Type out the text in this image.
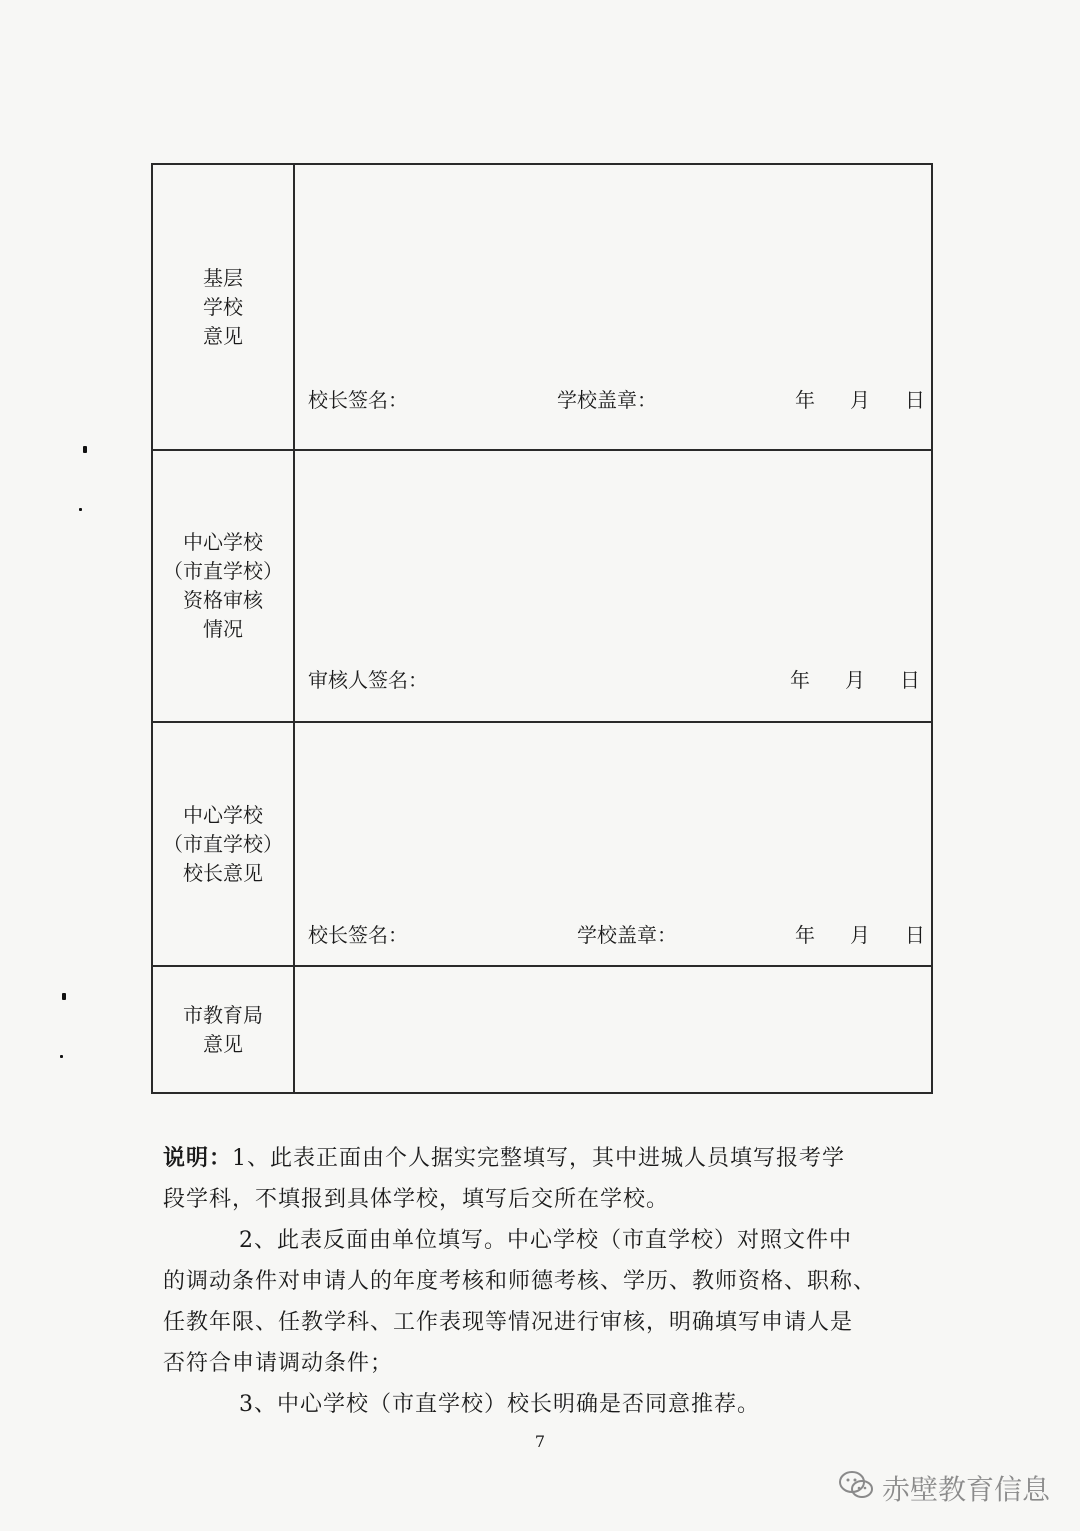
基层
学校
意见
校长签名：	学校盖章：	年 月 日
中心学校
（市直学校）
资格审核
情况
审核人签名：	年 月 日
中心学校
（市直学校）
校长意见
校长签名：	学校盖章：	年 月 日
市教育局
意见

说明：1、此表正面由个人据实完整填写，其中进城人员填写报考学

段学科，不填报到具体学校，填写后交所在学校。

2、此表反面由单位填写。中心学校（市直学校）对照文件中

的调动条件对申请人的年度考核和师德考核、学历、教师资格、职称、

任教年限、任教学科、工作表现等情况进行审核，明确填写申请人是

否符合申请调动条件；

3、中心学校（市直学校）校长明确是否同意推荐。

7
赤壁教育信息
